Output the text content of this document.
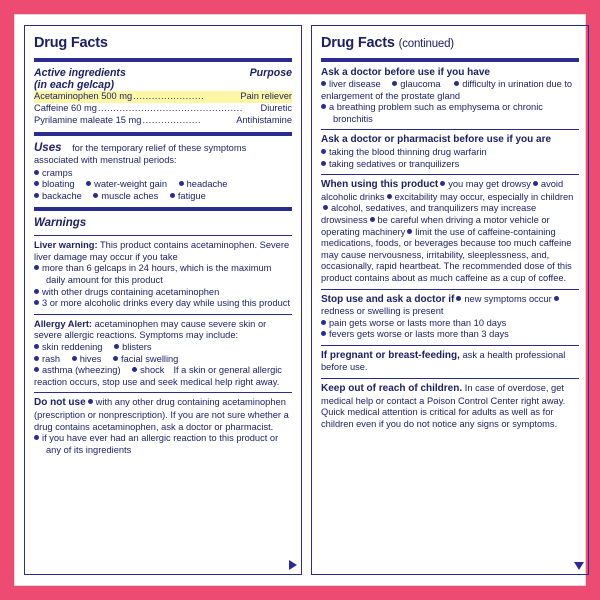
Drug Facts
Active ingredients
(in each gelcap)
Purpose
Acetaminophen 500 mg .......................	Pain reliever
Caffeine 60 mg ...............................................	Diuretic
Pyrilamine maleate 15 mg ...................	Antihistamine
Uses for the temporary relief of these symptoms associated with menstrual periods:
cramps
bloating water-weight gain headache
backache muscle aches fatigue
Warnings
Liver warning: This product contains acetaminophen. Severe liver damage may occur if you take
more than 6 gelcaps in 24 hours, which is the maximum daily amount for this product
with other drugs containing acetaminophen
3 or more alcoholic drinks every day while using this product
Allergy Alert: acetaminophen may cause severe skin or severe allergic reactions. Symptoms may include:
skin reddening blisters
rash hives facial swelling
asthma (wheezing) shock If a skin or general allergic reaction occurs, stop use and seek medical help right away.
Do not use with any other drug containing acetaminophen (prescription or nonprescription). If you are not sure whether a drug contains acetaminophen, ask a doctor or pharmacist.
if you have ever had an allergic reaction to this product or any of its ingredients
Drug Facts (continued)
Ask a doctor before use if you have
liver disease glaucoma difficulty in urination due to enlargement of the prostate gland
a breathing problem such as emphysema or chronic bronchitis
Ask a doctor or pharmacist before use if you are
taking the blood thinning drug warfarin
taking sedatives or tranquilizers
When using this product you may get drowsy avoid alcoholic drinks excitability may occur, especially in childrenalcohol, sedatives, and tranquilizers may increase drowsiness be careful when driving a motor vehicle or operating machinery limit the use of caffeine-containing medications, foods, or beverages because too much caffeine may cause nervousness, irritability, sleeplessness, and, occasionally, rapid heartbeat. The recommended dose of this product contains about as much caffeine as a cup of coffee.
Stop use and ask a doctor if new symptoms occurredness or swelling is present
pain gets worse or lasts more than 10 days
fevers gets worse or lasts more than 3 days
If pregnant or breast-feeding, ask a health professional before use.
Keep out of reach of children. In case of overdose, get medical help or contact a Poison Control Center right away. Quick medical attention is critical for adults as well as for children even if you do not notice any signs or symptoms.
